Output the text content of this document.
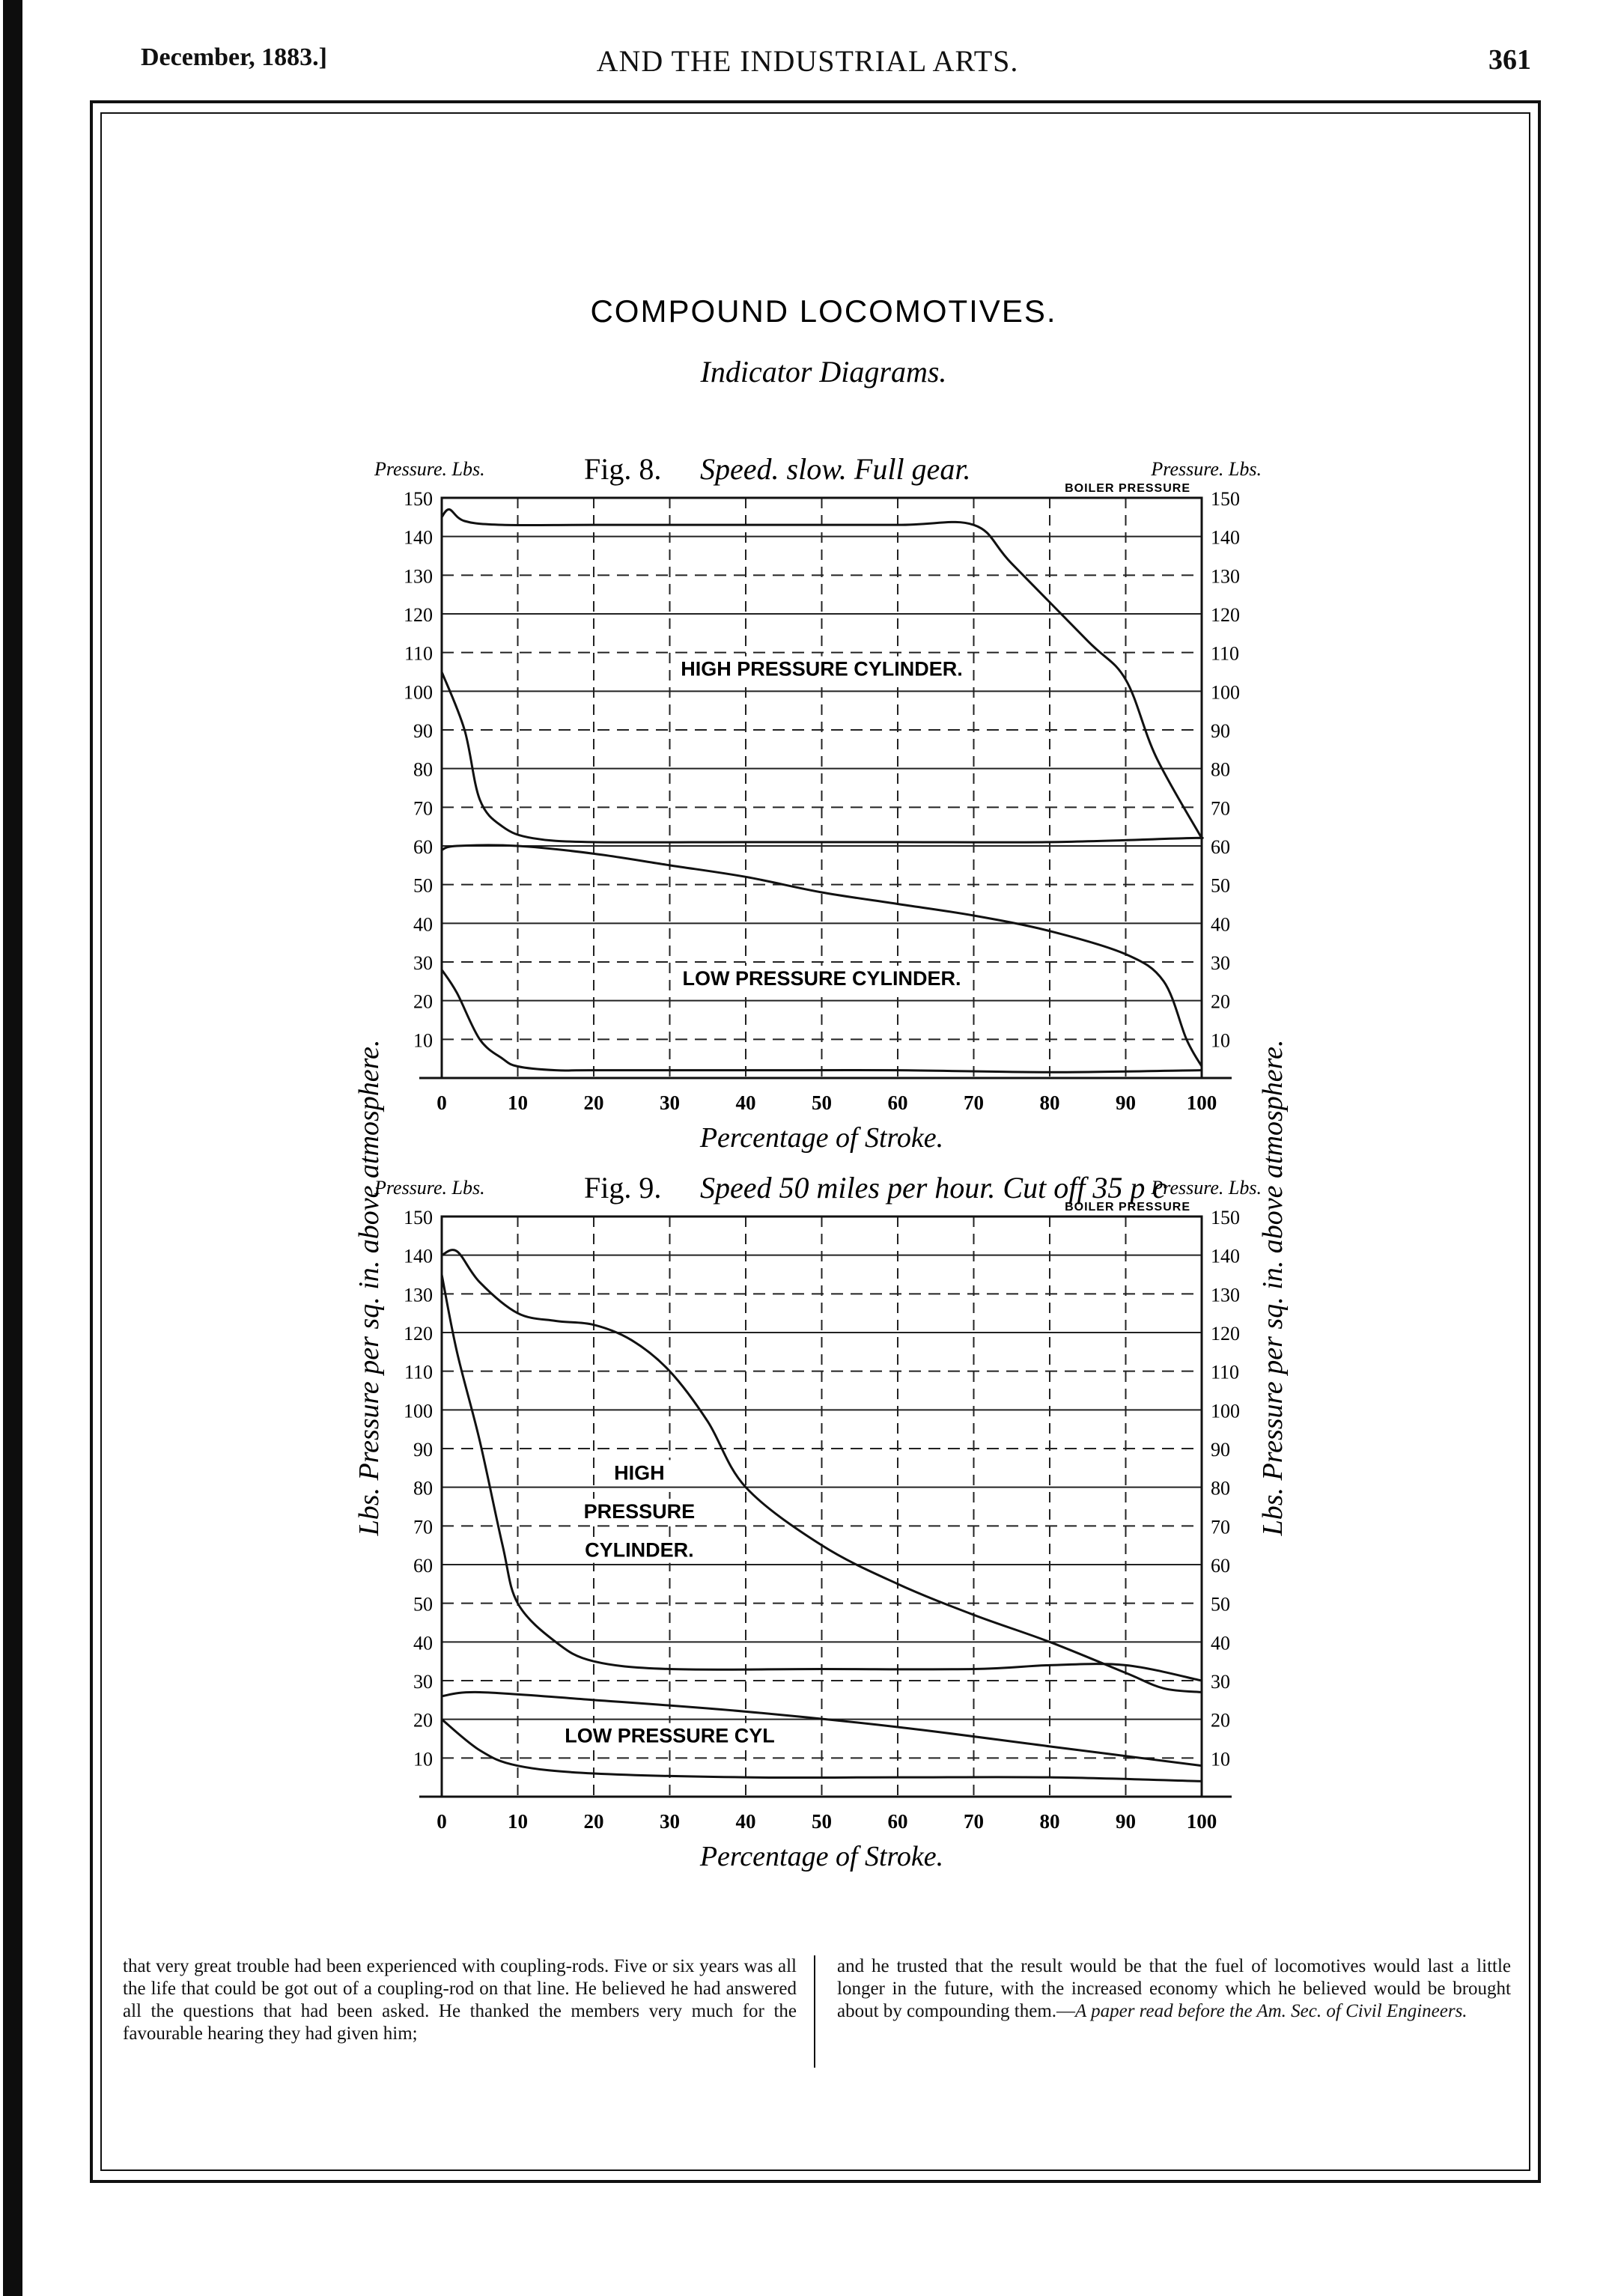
December, 1883.]	AND THE INDUSTRIAL ARTS.	361
COMPOUND LOCOMOTIVES.
Indicator Diagrams.
Lbs. Pressure per sq. in. above atmosphere.	Lbs. Pressure per sq. in. above atmosphere.
10	10
20	20
30	30
40	40
50	50
60	60
70	70
80	80
90	90
100	100
110	110
120	120
130	130
140	140
150	150
0	10	20	30	40	50	60	70	80	90	100
BOILER PRESSURE
Fig. 8. Speed. slow. Full gear.
Pressure. Lbs.	Pressure. Lbs.
Percentage of Stroke.
HIGH PRESSURE CYLINDER.
LOW PRESSURE CYLINDER.
10	10
20	20
30	30
40	40
50	50
60	60
70	70
80	80
90	90
100	100
110	110
120	120
130	130
140	140
150	150
0	10	20	30	40	50	60	70	80	90	100
BOILER PRESSURE
Fig. 9. Speed 50 miles per hour. Cut off 35 p c
Pressure. Lbs.	Pressure. Lbs.
Percentage of Stroke.
HIGH
PRESSURE
CYLINDER.
LOW PRESSURE CYL
that very great trouble had been experienced with coupling-rods. Five or six years was all the life that could be got out of a coupling-rod on that line. He believed he had answered all the questions that had been asked. He thanked the members very much for the favourable hearing they had given him;
and he trusted that the result would be that the fuel of locomotives would last a little longer in the future, with the increased economy which he believed would be brought about by compounding them.—A paper read before the Am. Sec. of Civil Engineers.
